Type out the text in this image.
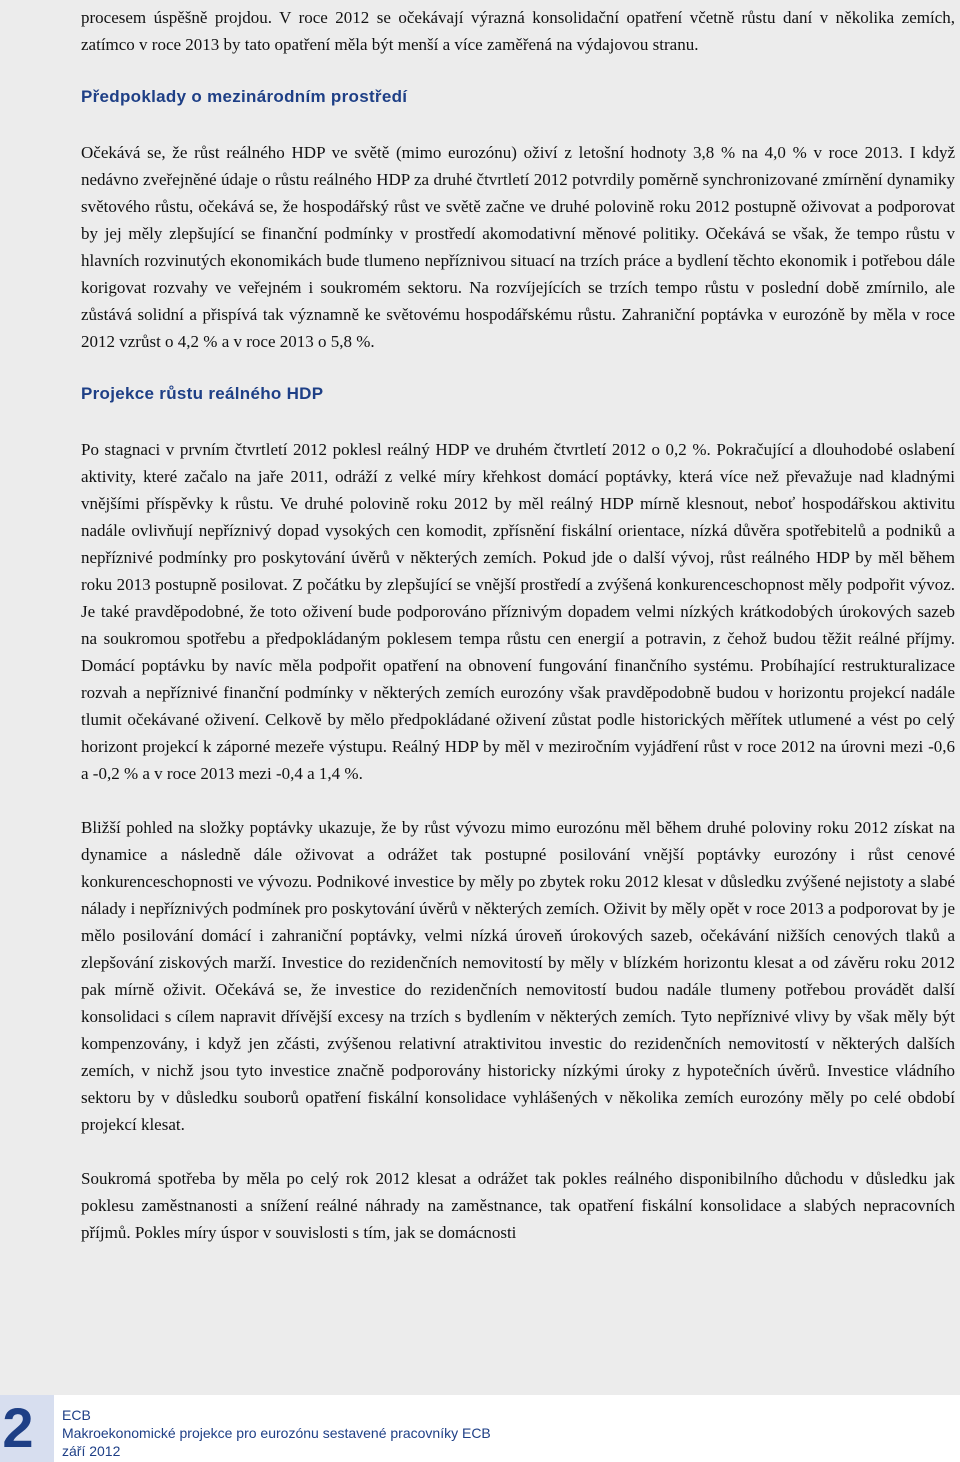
procesem úspěšně projdou. V roce 2012 se očekávají výrazná konsolidační opatření včetně růstu daní v několika zemích, zatímco v roce 2013 by tato opatření měla být menší a více zaměřená na výdajovou stranu.

Předpoklady o mezinárodním prostředí

Očekává se, že růst reálného HDP ve světě (mimo eurozónu) oživí z letošní hodnoty 3,8 % na 4,0 % v roce 2013. I když nedávno zveřejněné údaje o růstu reálného HDP za druhé čtvrtletí 2012 potvrdily poměrně synchronizované zmírnění dynamiky světového růstu, očekává se, že hospodářský růst ve světě začne ve druhé polovině roku 2012 postupně oživovat a podporovat by jej měly zlepšující se finanční podmínky v prostředí akomodativní měnové politiky. Očekává se však, že tempo růstu v hlavních rozvinutých ekonomikách bude tlumeno nepříznivou situací na trzích práce a bydlení těchto ekonomik i potřebou dále korigovat rozvahy ve veřejném i soukromém sektoru. Na rozvíjejících se trzích tempo růstu v poslední době zmírnilo, ale zůstává solidní a přispívá tak významně ke světovému hospodářskému růstu. Zahraniční poptávka v eurozóně by měla v roce 2012 vzrůst o 4,2 % a v roce 2013 o 5,8 %.

Projekce růstu reálného HDP

Po stagnaci v prvním čtvrtletí 2012 poklesl reálný HDP ve druhém čtvrtletí 2012 o 0,2 %. Pokračující a dlouhodobé oslabení aktivity, které začalo na jaře 2011, odráží z velké míry křehkost domácí poptávky, která více než převažuje nad kladnými vnějšími příspěvky k růstu. Ve druhé polovině roku 2012 by měl reálný HDP mírně klesnout, neboť hospodářskou aktivitu nadále ovlivňují nepříznivý dopad vysokých cen komodit, zpřísnění fiskální orientace, nízká důvěra spotřebitelů a podniků a nepříznivé podmínky pro poskytování úvěrů v některých zemích. Pokud jde o další vývoj, růst reálného HDP by měl během roku 2013 postupně posilovat. Z počátku by zlepšující se vnější prostředí a zvýšená konkurenceschopnost měly podpořit vývoz. Je také pravděpodobné, že toto oživení bude podporováno příznivým dopadem velmi nízkých krátkodobých úrokových sazeb na soukromou spotřebu a předpokládaným poklesem tempa růstu cen energií a potravin, z čehož budou těžit reálné příjmy. Domácí poptávku by navíc měla podpořit opatření na obnovení fungování finančního systému. Probíhající restrukturalizace rozvah a nepříznivé finanční podmínky v některých zemích eurozóny však pravděpodobně budou v horizontu projekcí nadále tlumit očekávané oživení. Celkově by mělo předpokládané oživení zůstat podle historických měřítek utlumené a vést po celý horizont projekcí k záporné mezeře výstupu. Reálný HDP by měl v meziročním vyjádření růst v roce 2012 na úrovni mezi -0,6 a -0,2 % a v roce 2013 mezi -0,4 a 1,4 %.

Bližší pohled na složky poptávky ukazuje, že by růst vývozu mimo eurozónu měl během druhé poloviny roku 2012 získat na dynamice a následně dále oživovat a odrážet tak postupné posilování vnější poptávky eurozóny i růst cenové konkurenceschopnosti ve vývozu. Podnikové investice by měly po zbytek roku 2012 klesat v důsledku zvýšené nejistoty a slabé nálady i nepříznivých podmínek pro poskytování úvěrů v některých zemích. Oživit by měly opět v roce 2013 a podporovat by je mělo posilování domácí i zahraniční poptávky, velmi nízká úroveň úrokových sazeb, očekávání nižších cenových tlaků a zlepšování ziskových marží. Investice do rezidenčních nemovitostí by měly v blízkém horizontu klesat a od závěru roku 2012 pak mírně oživit. Očekává se, že investice do rezidenčních nemovitostí budou nadále tlumeny potřebou provádět další konsolidaci s cílem napravit dřívější excesy na trzích s bydlením v některých zemích. Tyto nepříznivé vlivy by však měly být kompenzovány, i když jen zčásti, zvýšenou relativní atraktivitou investic do rezidenčních nemovitostí v některých dalších zemích, v nichž jsou tyto investice značně podporovány historicky nízkými úroky z hypotečních úvěrů. Investice vládního sektoru by v důsledku souborů opatření fiskální konsolidace vyhlášených v několika zemích eurozóny měly po celé období projekcí klesat.

Soukromá spotřeba by měla po celý rok 2012 klesat a odrážet tak pokles reálného disponibilního důchodu v důsledku jak poklesu zaměstnanosti a snížení reálné náhrady na zaměstnance, tak opatření fiskální konsolidace a slabých nepracovních příjmů. Pokles míry úspor v souvislosti s tím, jak se domácnosti

2 ECB
Makroekonomické projekce pro eurozónu sestavené pracovníky ECB
září 2012
